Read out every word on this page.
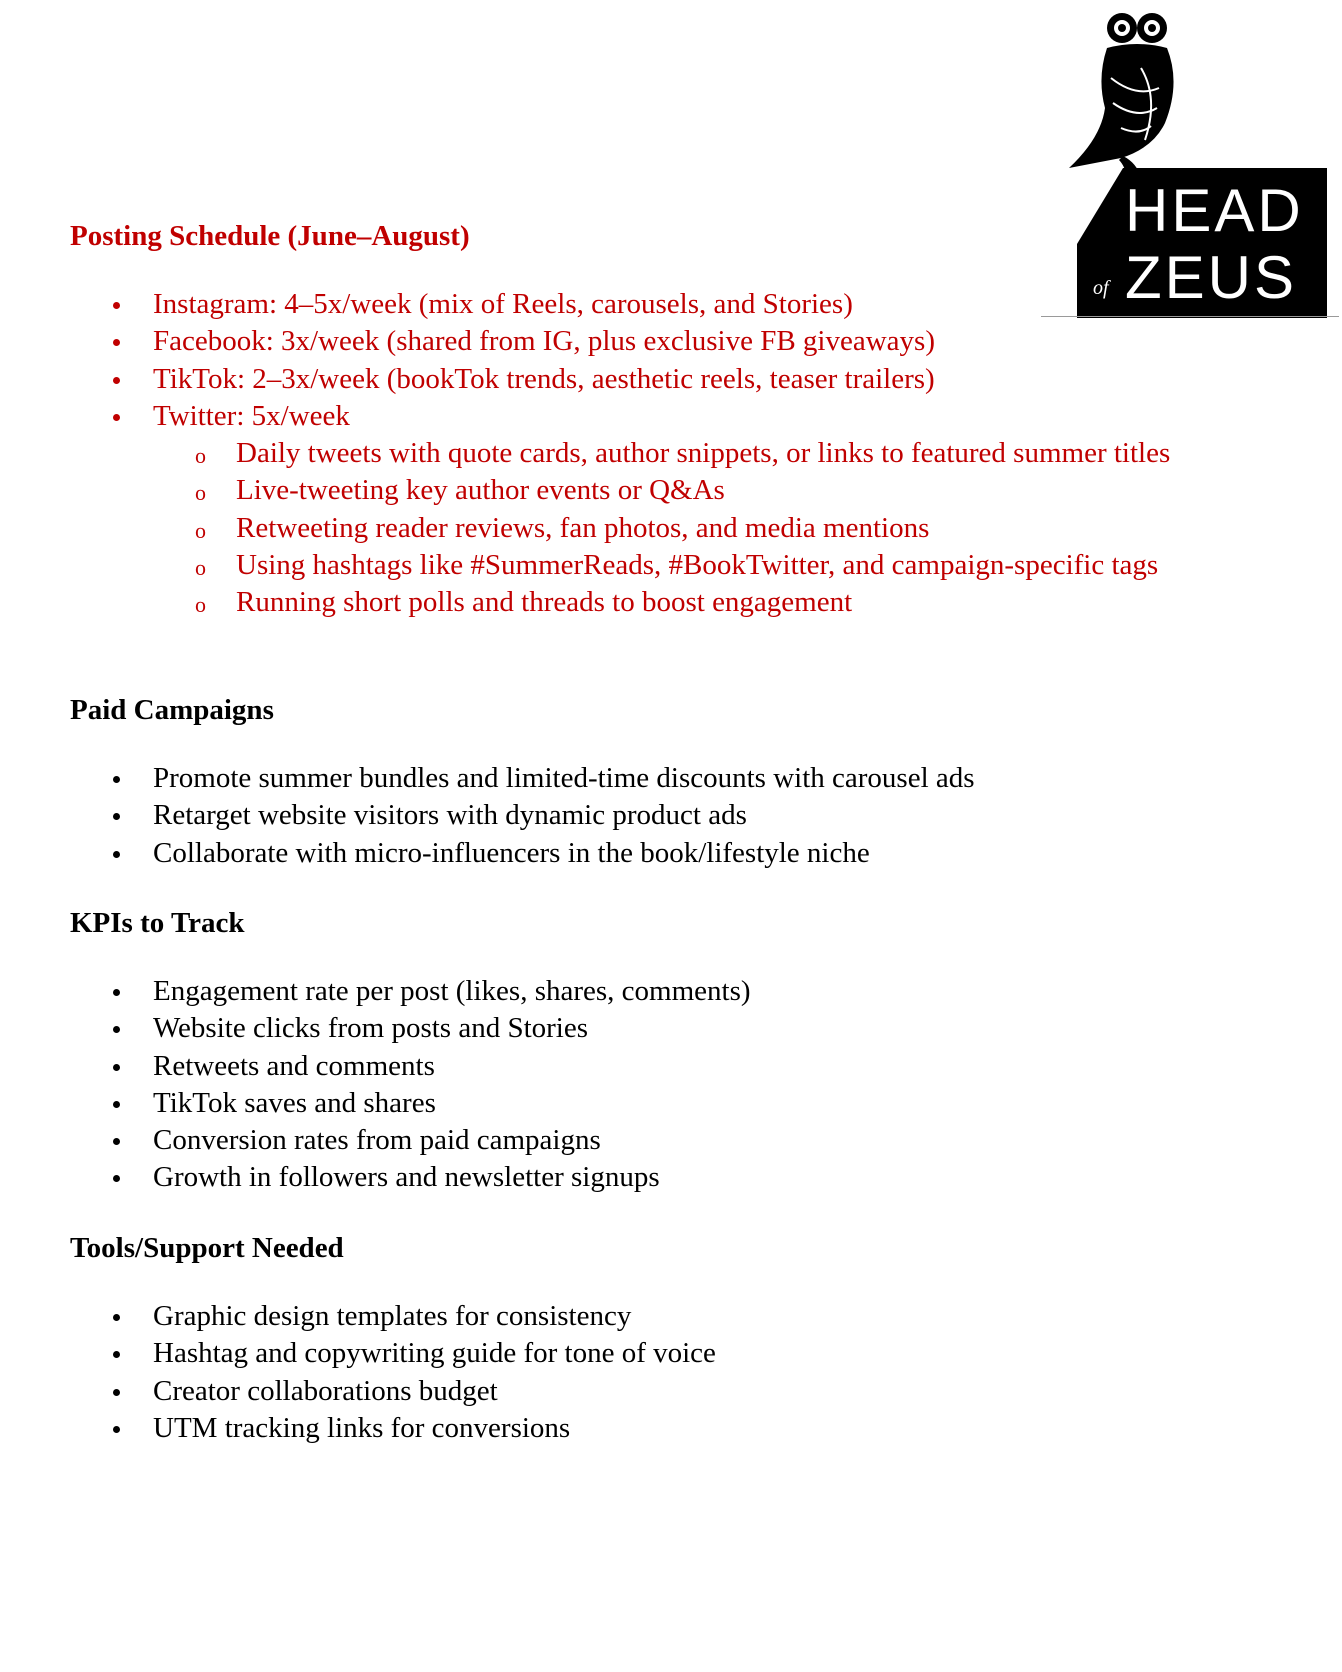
HEAD
of ZEUS
Posting Schedule (June–August)
Instagram: 4–5x/week (mix of Reels, carousels, and Stories)
Facebook: 3x/week (shared from IG, plus exclusive FB giveaways)
TikTok: 2–3x/week (bookTok trends, aesthetic reels, teaser trailers)
Twitter: 5x/week
o Daily tweets with quote cards, author snippets, or links to featured summer titles
o Live-tweeting key author events or Q&As
o Retweeting reader reviews, fan photos, and media mentions
o Using hashtags like #SummerReads, #BookTwitter, and campaign-specific tags
o Running short polls and threads to boost engagement
Paid Campaigns
Promote summer bundles and limited-time discounts with carousel ads
Retarget website visitors with dynamic product ads
Collaborate with micro-influencers in the book/lifestyle niche
KPIs to Track
Engagement rate per post (likes, shares, comments)
Website clicks from posts and Stories
Retweets and comments
TikTok saves and shares
Conversion rates from paid campaigns
Growth in followers and newsletter signups
Tools/Support Needed
Graphic design templates for consistency
Hashtag and copywriting guide for tone of voice
Creator collaborations budget
UTM tracking links for conversions
